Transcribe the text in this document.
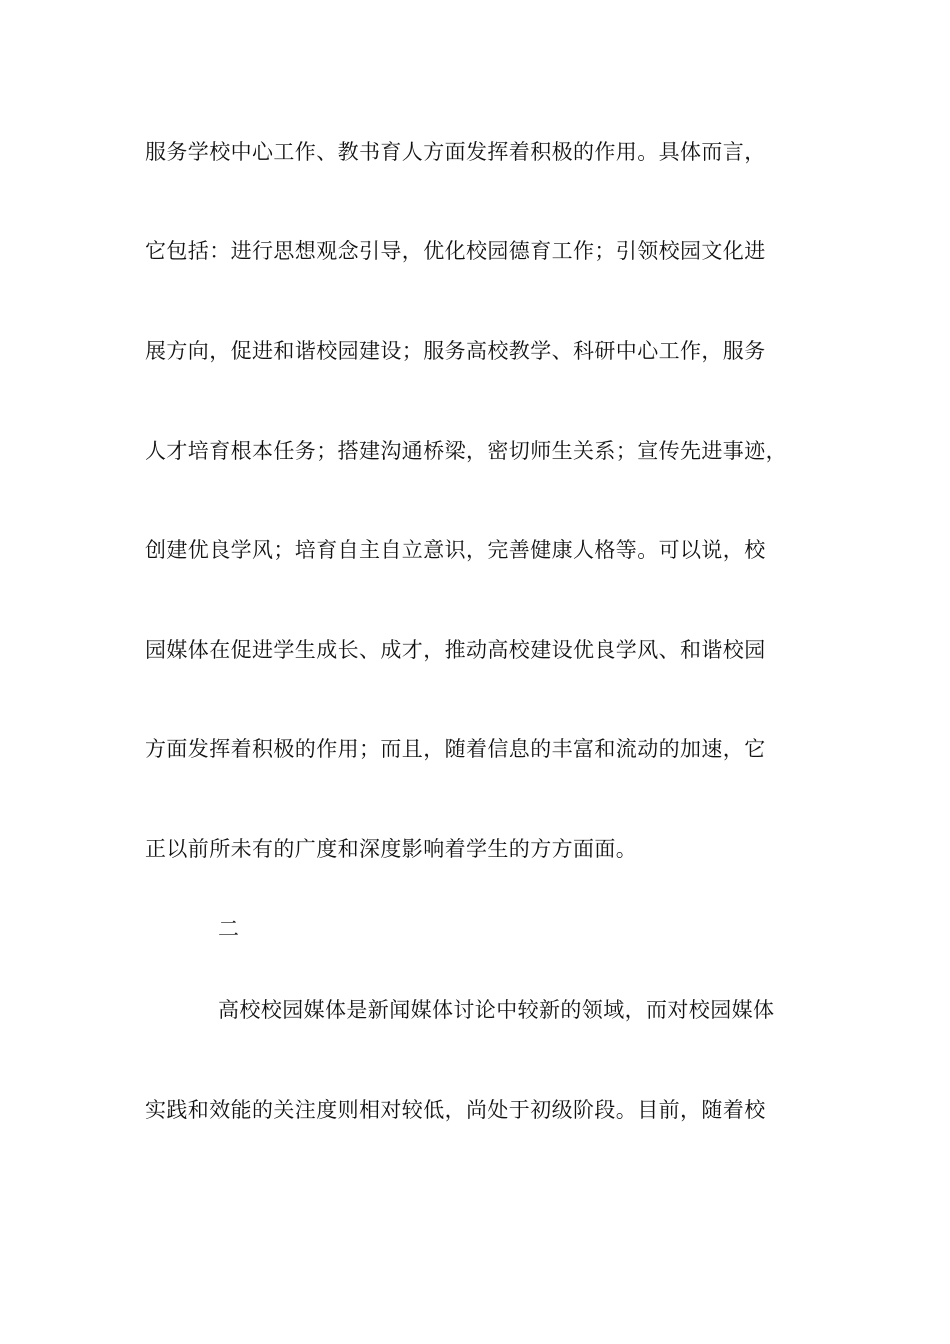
服务学校中心工作、教书育人方面发挥着积极的作用。具体而言，
它包括：进行思想观念引导，优化校园德育工作；引领校园文化进
展方向，促进和谐校园建设；服务高校教学、科研中心工作，服务
人才培育根本任务；搭建沟通桥梁，密切师生关系；宣传先进事迹，
创建优良学风；培育自主自立意识，完善健康人格等。可以说，校
园媒体在促进学生成长、成才，推动高校建设优良学风、和谐校园
方面发挥着积极的作用；而且，随着信息的丰富和流动的加速，它
正以前所未有的广度和深度影响着学生的方方面面。
二
高校校园媒体是新闻媒体讨论中较新的领域，而对校园媒体
实践和效能的关注度则相对较低，尚处于初级阶段。目前，随着校
